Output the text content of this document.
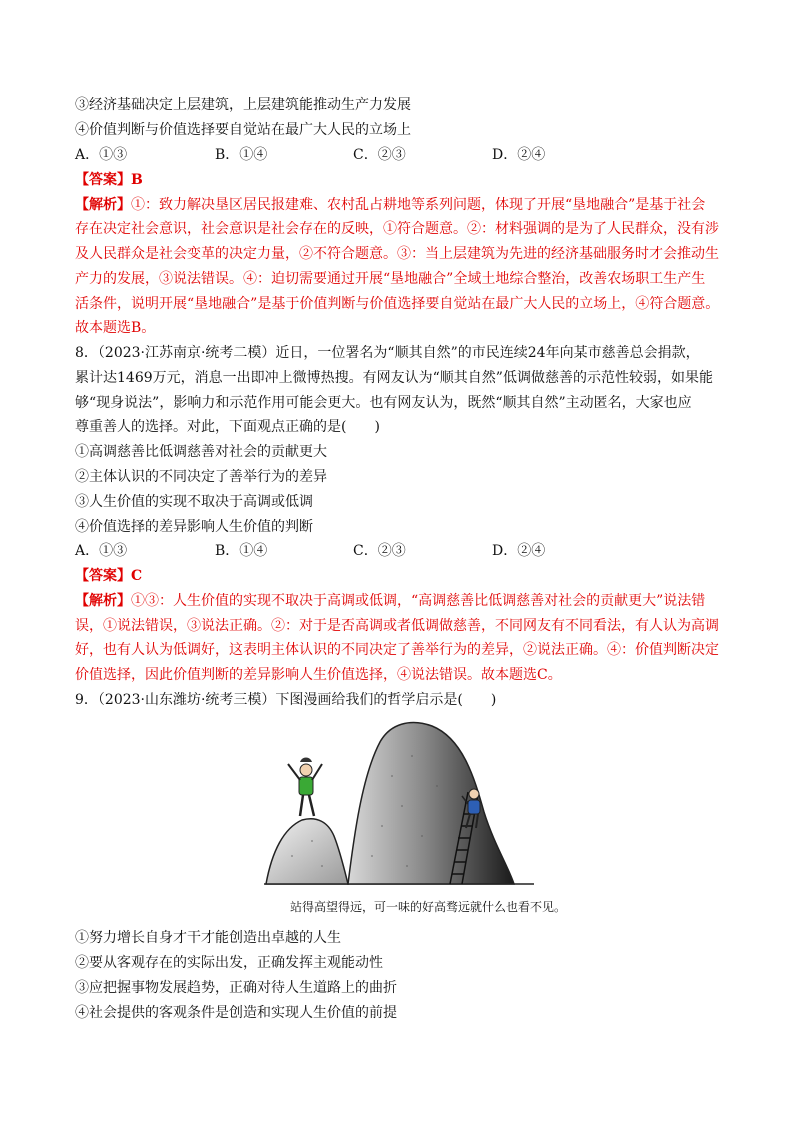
③经济基础决定上层建筑，上层建筑能推动生产力发展
④价值判断与价值选择要自觉站在最广大人民的立场上
A．①③	B．①④	C．②③	D．②④
【答案】B
【解析】①：致力解决垦区居民报建难、农村乱占耕地等系列问题，体现了开展“垦地融合”是基于社会
存在决定社会意识，社会意识是社会存在的反映，①符合题意。②：材料强调的是为了人民群众，没有涉
及人民群众是社会变革的决定力量，②不符合题意。③：当上层建筑为先进的经济基础服务时才会推动生
产力的发展，③说法错误。④：迫切需要通过开展“垦地融合”全域土地综合整治，改善农场职工生产生
活条件，说明开展“垦地融合”是基于价值判断与价值选择要自觉站在最广大人民的立场上，④符合题意。
故本题选B。
8．（2023·江苏南京·统考二模）近日，一位署名为“顺其自然”的市民连续24年向某市慈善总会捐款，
累计达1469万元，消息一出即冲上微博热搜。有网友认为“顺其自然”低调做慈善的示范性较弱，如果能
够“现身说法”，影响力和示范作用可能会更大。也有网友认为，既然“顺其自然”主动匿名，大家也应
尊重善人的选择。对此，下面观点正确的是(　　)
①高调慈善比低调慈善对社会的贡献更大
②主体认识的不同决定了善举行为的差异
③人生价值的实现不取决于高调或低调
④价值选择的差异影响人生价值的判断
A．①③	B．①④	C．②③	D．②④
【答案】C
【解析】①③：人生价值的实现不取决于高调或低调，“高调慈善比低调慈善对社会的贡献更大”说法错
误，①说法错误，③说法正确。②：对于是否高调或者低调做慈善，不同网友有不同看法，有人认为高调
好，也有人认为低调好，这表明主体认识的不同决定了善举行为的差异，②说法正确。④：价值判断决定
价值选择，因此价值判断的差异影响人生价值选择，④说法错误。故本题选C。
9．（2023·山东潍坊·统考三模）下图漫画给我们的哲学启示是(　　)
站得高望得远，可一味的好高骛远就什么也看不见。
①努力增长自身才干才能创造出卓越的人生
②要从客观存在的实际出发，正确发挥主观能动性
③应把握事物发展趋势，正确对待人生道路上的曲折
④社会提供的客观条件是创造和实现人生价值的前提
